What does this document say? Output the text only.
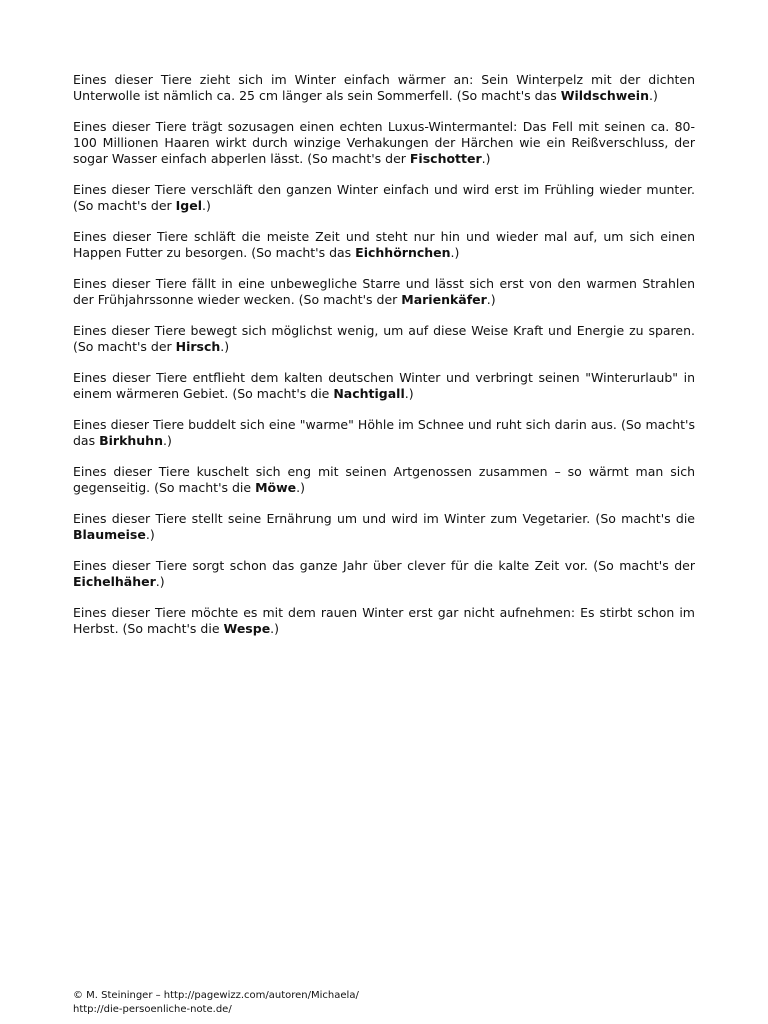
Eines dieser Tiere zieht sich im Winter einfach wärmer an: Sein Winterpelz mit der dichten Unterwolle ist nämlich ca. 25 cm länger als sein Sommerfell. (So macht's das Wildschwein.)

Eines dieser Tiere trägt sozusagen einen echten Luxus-Wintermantel: Das Fell mit seinen ca. 80-100 Millionen Haaren wirkt durch winzige Verhakungen der Härchen wie ein Reißverschluss, der sogar Wasser einfach abperlen lässt. (So macht's der Fischotter.)

Eines dieser Tiere verschläft den ganzen Winter einfach und wird erst im Frühling wieder munter. (So macht's der Igel.)

Eines dieser Tiere schläft die meiste Zeit und steht nur hin und wieder mal auf, um sich einen Happen Futter zu besorgen. (So macht's das Eichhörnchen.)

Eines dieser Tiere fällt in eine unbewegliche Starre und lässt sich erst von den warmen Strahlen der Frühjahrssonne wieder wecken. (So macht's der Marienkäfer.)

Eines dieser Tiere bewegt sich möglichst wenig, um auf diese Weise Kraft und Energie zu sparen. (So macht's der Hirsch.)

Eines dieser Tiere entflieht dem kalten deutschen Winter und verbringt seinen "Winterurlaub" in einem wärmeren Gebiet. (So macht's die Nachtigall.)

Eines dieser Tiere buddelt sich eine "warme" Höhle im Schnee und ruht sich darin aus. (So macht's das Birkhuhn.)

Eines dieser Tiere kuschelt sich eng mit seinen Artgenossen zusammen – so wärmt man sich gegenseitig. (So macht's die Möwe.)

Eines dieser Tiere stellt seine Ernährung um und wird im Winter zum Vegetarier. (So macht's die Blaumeise.)

Eines dieser Tiere sorgt schon das ganze Jahr über clever für die kalte Zeit vor. (So macht's der Eichelhäher.)

Eines dieser Tiere möchte es mit dem rauen Winter erst gar nicht aufnehmen: Es stirbt schon im Herbst. (So macht's die Wespe.)

© M. Steininger – http://pagewizz.com/autoren/Michaela/
http://die-persoenliche-note.de/
